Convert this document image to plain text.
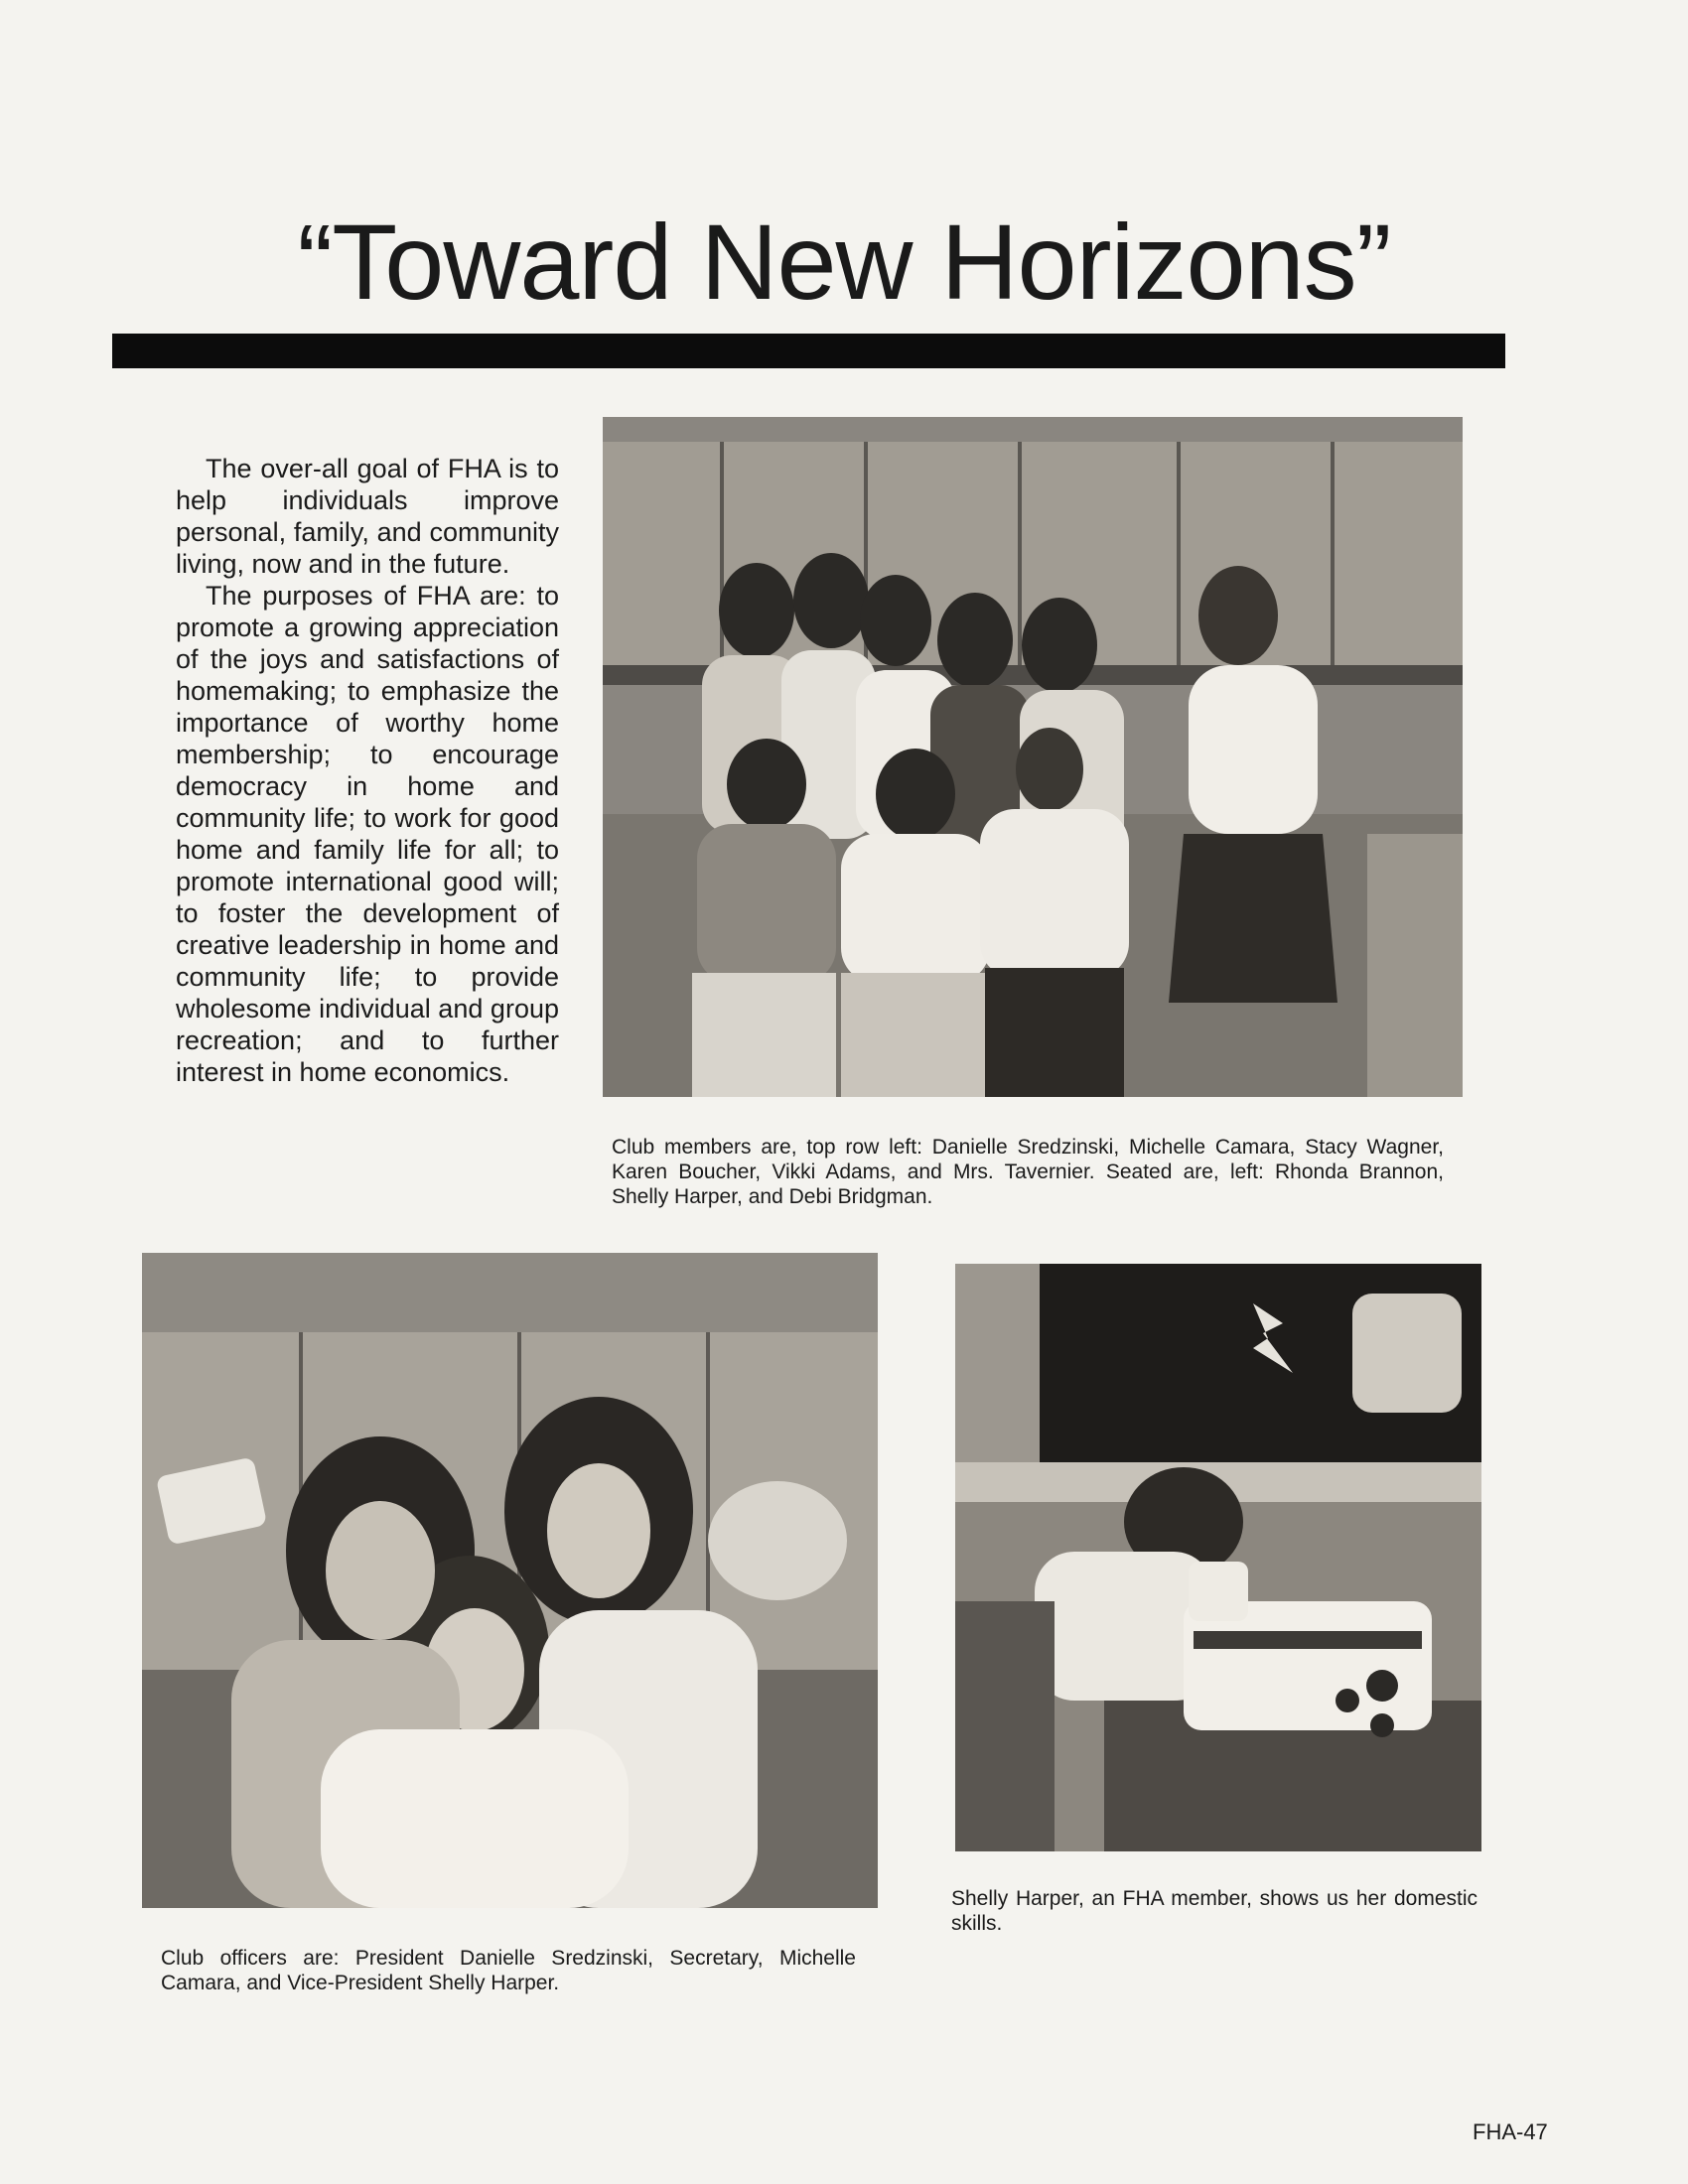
“Toward New Horizons”

The over-all goal of FHA is to help individuals improve personal, family, and community living, now and in the future.

The purposes of FHA are: to promote a growing appreciation of the joys and satisfactions of homemaking; to emphasize the importance of worthy home membership; to encourage democracy in home and community life; to work for good home and family life for all; to promote international good will; to foster the development of creative leadership in home and community life; to provide wholesome individual and group recreation; and to further interest in home economics.

Club members are, top row left: Danielle Sredzinski, Michelle Camara, Stacy Wagner, Karen Boucher, Vikki Adams, and Mrs. Tavernier. Seated are, left: Rhonda Brannon, Shelly Harper, and Debi Bridgman.

Club officers are: President Danielle Sredzinski, Secretary, Michelle Camara, and Vice-President Shelly Harper.

Shelly Harper, an FHA member, shows us her domestic skills.

FHA-47
